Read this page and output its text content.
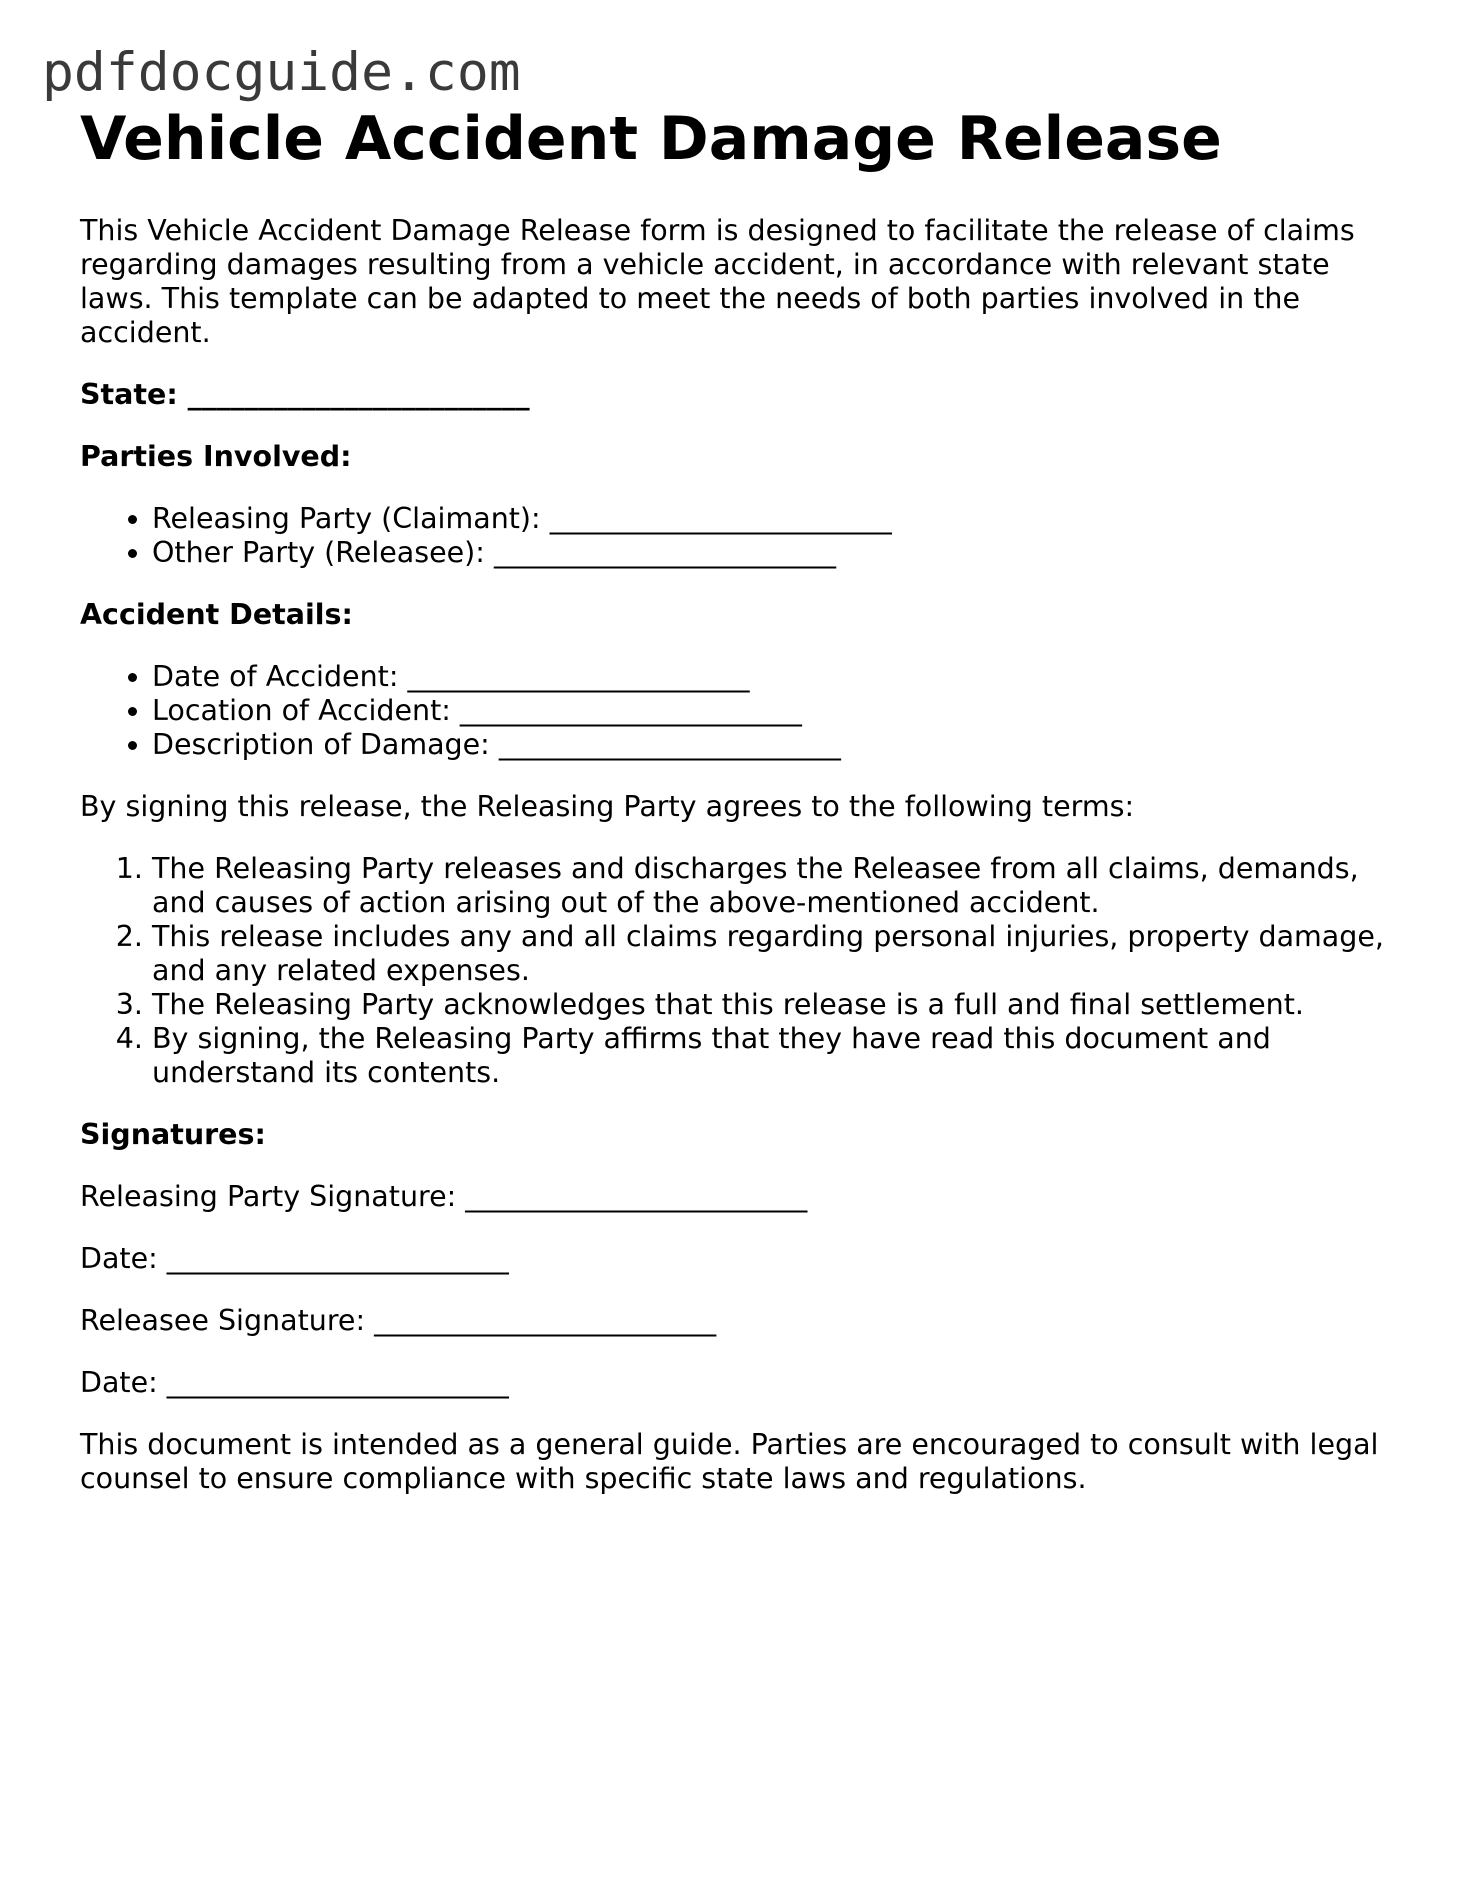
pdfdocguide.com
Vehicle Accident Damage Release

This Vehicle Accident Damage Release form is designed to facilitate the release of claims regarding damages resulting from a vehicle accident, in accordance with relevant state laws. This template can be adapted to meet the needs of both parties involved in the accident.

State: ________________________

Parties Involved:

• Releasing Party (Claimant): ________________________
• Other Party (Releasee): ________________________

Accident Details:

• Date of Accident: ________________________
• Location of Accident: ________________________
• Description of Damage: ________________________

By signing this release, the Releasing Party agrees to the following terms:

1. The Releasing Party releases and discharges the Releasee from all claims, demands, and causes of action arising out of the above-mentioned accident.
2. This release includes any and all claims regarding personal injuries, property damage, and any related expenses.
3. The Releasing Party acknowledges that this release is a full and final settlement.
4. By signing, the Releasing Party affirms that they have read this document and understand its contents.

Signatures:

Releasing Party Signature: ________________________

Date: ________________________

Releasee Signature: ________________________

Date: ________________________

This document is intended as a general guide. Parties are encouraged to consult with legal counsel to ensure compliance with specific state laws and regulations.
